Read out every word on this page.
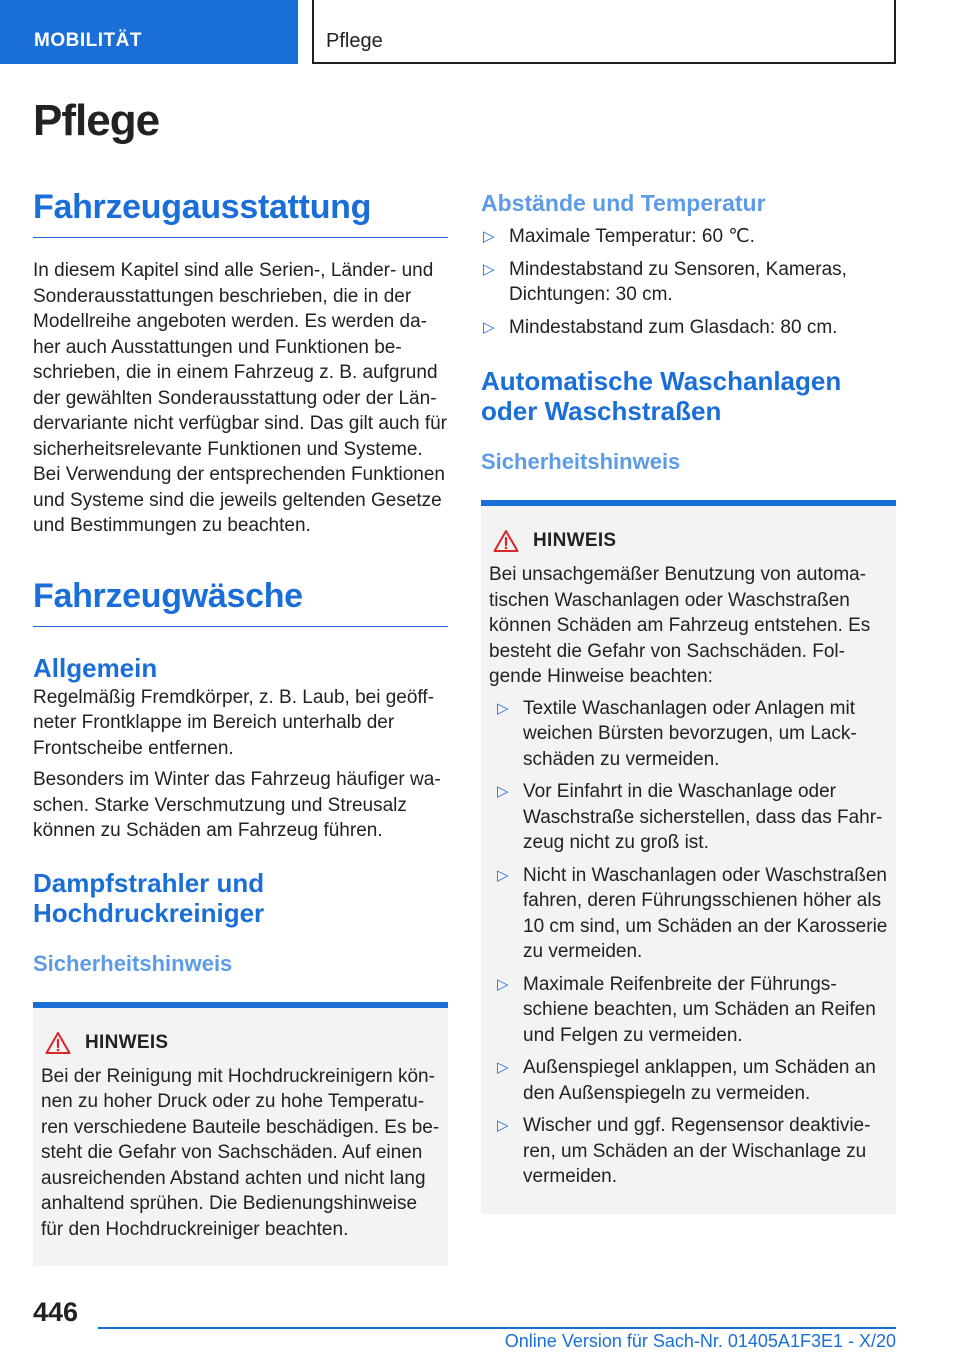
MOBILITÄT	Pflege
Pflege
Fahrzeugausstattung

In diesem Kapitel sind alle Serien-, Länder- und Sonderausstattungen beschrieben, die in der Modellreihe angeboten werden. Es werden daher auch Ausstattungen und Funktionen beschrieben, die in einem Fahrzeug z. B. aufgrund der gewählten Sonderausstattung oder der Ländervariante nicht verfügbar sind. Das gilt auch für sicherheitsrelevante Funktionen und Systeme. Bei Verwendung der entsprechenden Funktionen und Systeme sind die jeweils geltenden Gesetze und Bestimmungen zu beachten.

Fahrzeugwäsche
Allgemein

Regelmäßig Fremdkörper, z. B. Laub, bei geöffneter Frontklappe im Bereich unterhalb der Frontscheibe entfernen.

Besonders im Winter das Fahrzeug häufiger waschen. Starke Verschmutzung und Streusalz können zu Schäden am Fahrzeug führen.

Dampfstrahler und Hochdruckreiniger
Sicherheitshinweis
HINWEIS

Bei der Reinigung mit Hochdruckreinigern können zu hoher Druck oder zu hohe Temperaturen verschiedene Bauteile beschädigen. Es besteht die Gefahr von Sachschäden. Auf einen ausreichenden Abstand achten und nicht lang anhaltend sprühen. Die Bedienungshinweise für den Hochdruckreiniger beachten.

Abstände und Temperatur
▷ Maximale Temperatur: 60 ℃.
▷ Mindestabstand zu Sensoren, Kameras, Dichtungen: 30 cm.
▷ Mindestabstand zum Glasdach: 80 cm.
Automatische Waschanlagen oder Waschstraßen
Sicherheitshinweis
HINWEIS

Bei unsachgemäßer Benutzung von automatischen Waschanlagen oder Waschstraßen können Schäden am Fahrzeug entstehen. Es besteht die Gefahr von Sachschäden. Folgende Hinweise beachten:

▷ Textile Waschanlagen oder Anlagen mit weichen Bürsten bevorzugen, um Lackschäden zu vermeiden.
▷ Vor Einfahrt in die Waschanlage oder Waschstraße sicherstellen, dass das Fahrzeug nicht zu groß ist.
▷ Nicht in Waschanlagen oder Waschstraßen fahren, deren Führungsschienen höher als 10 cm sind, um Schäden an der Karosserie zu vermeiden.
▷ Maximale Reifenbreite der Führungsschiene beachten, um Schäden an Reifen und Felgen zu vermeiden.
▷ Außenspiegel anklappen, um Schäden an den Außenspiegeln zu vermeiden.
▷ Wischer und ggf. Regensensor deaktivieren, um Schäden an der Wischanlage zu vermeiden.
446
Online Version für Sach-Nr. 01405A1F3E1 - X/20
